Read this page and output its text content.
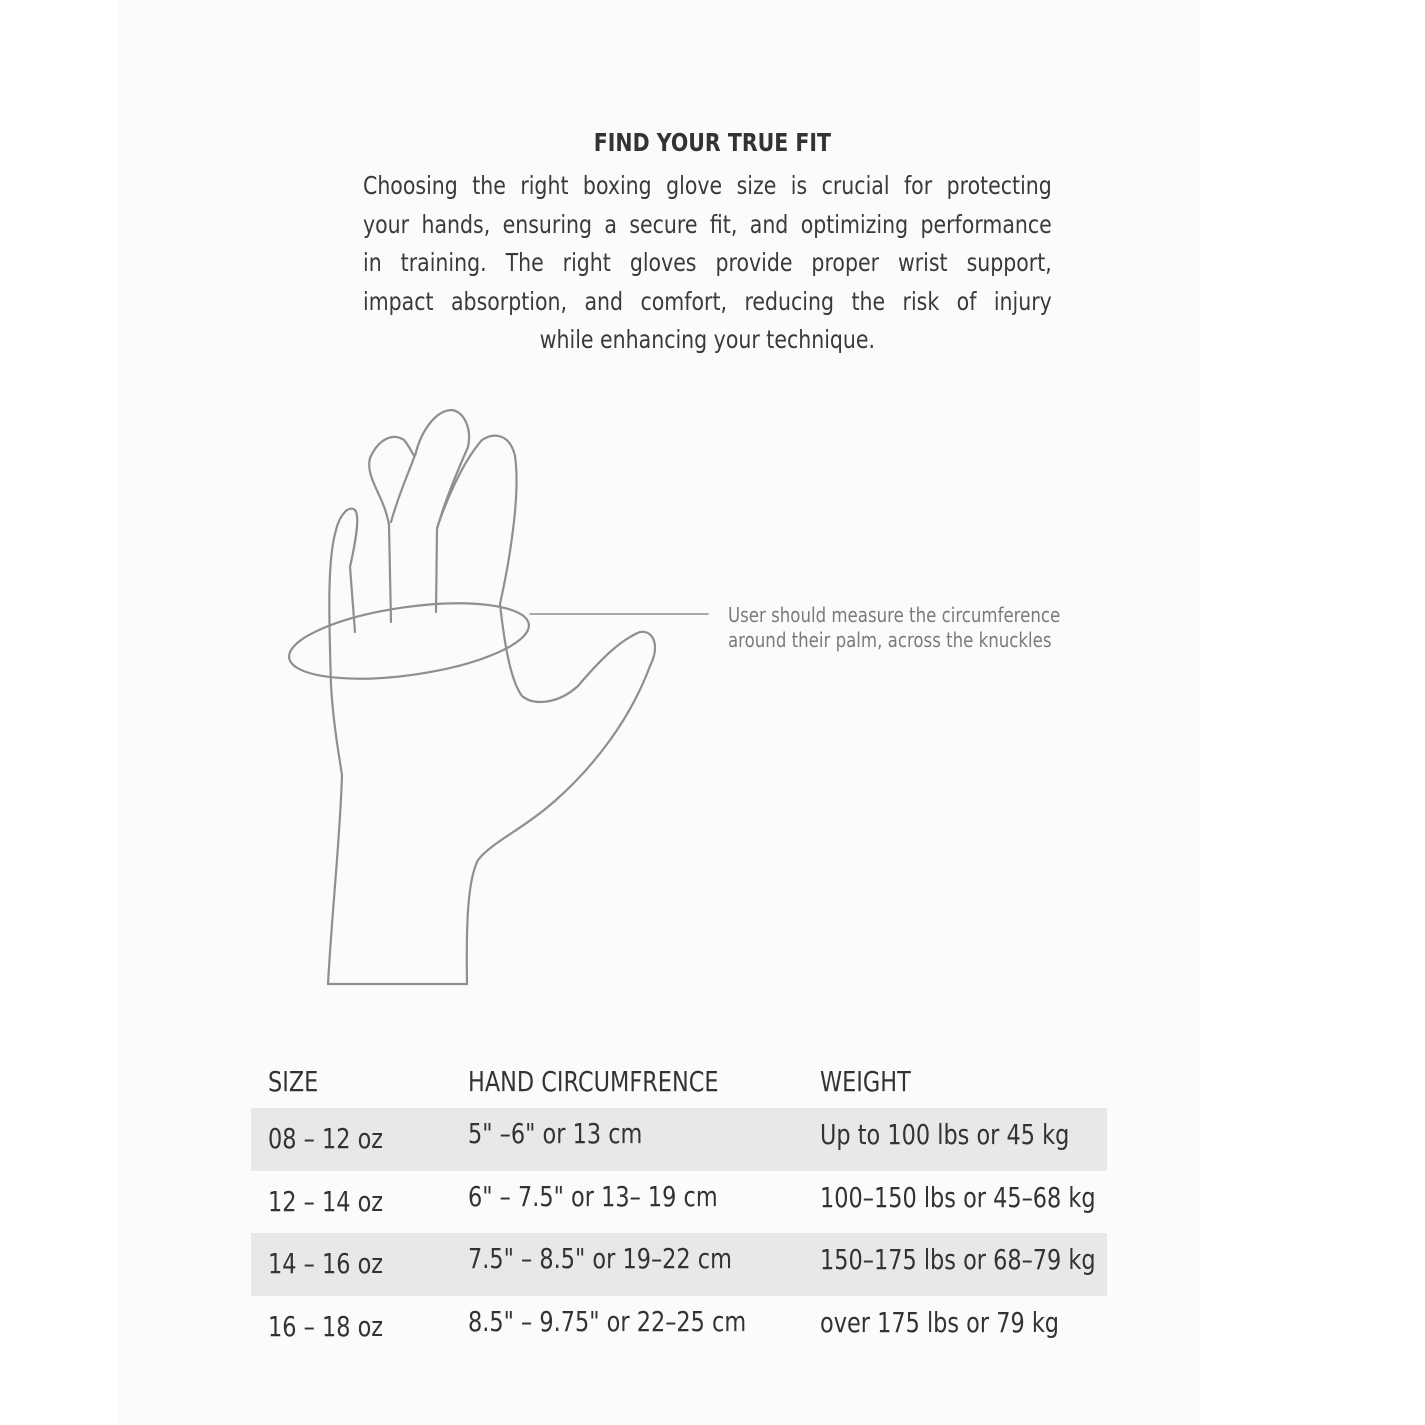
FIND YOUR TRUE FIT
Choosing the right boxing glove size is crucial for protecting
your hands, ensuring a secure fit, and optimizing performance
in training. The right gloves provide proper wrist support,
impact absorption, and comfort, reducing the risk of injury
while enhancing your technique.
User should measure the circumference
around their palm, across the knuckles
SIZE	HAND CIRCUMFRENCE	WEIGHT
08 – 12 oz	5" –6" or 13 cm	Up to 100 lbs or 45 kg
12 – 14 oz	6" – 7.5" or 13– 19 cm	100–150 lbs or 45–68 kg
14 – 16 oz	7.5" – 8.5" or 19–22 cm	150–175 lbs or 68–79 kg
16 – 18 oz	8.5" – 9.75" or 22–25 cm	over 175 lbs or 79 kg
